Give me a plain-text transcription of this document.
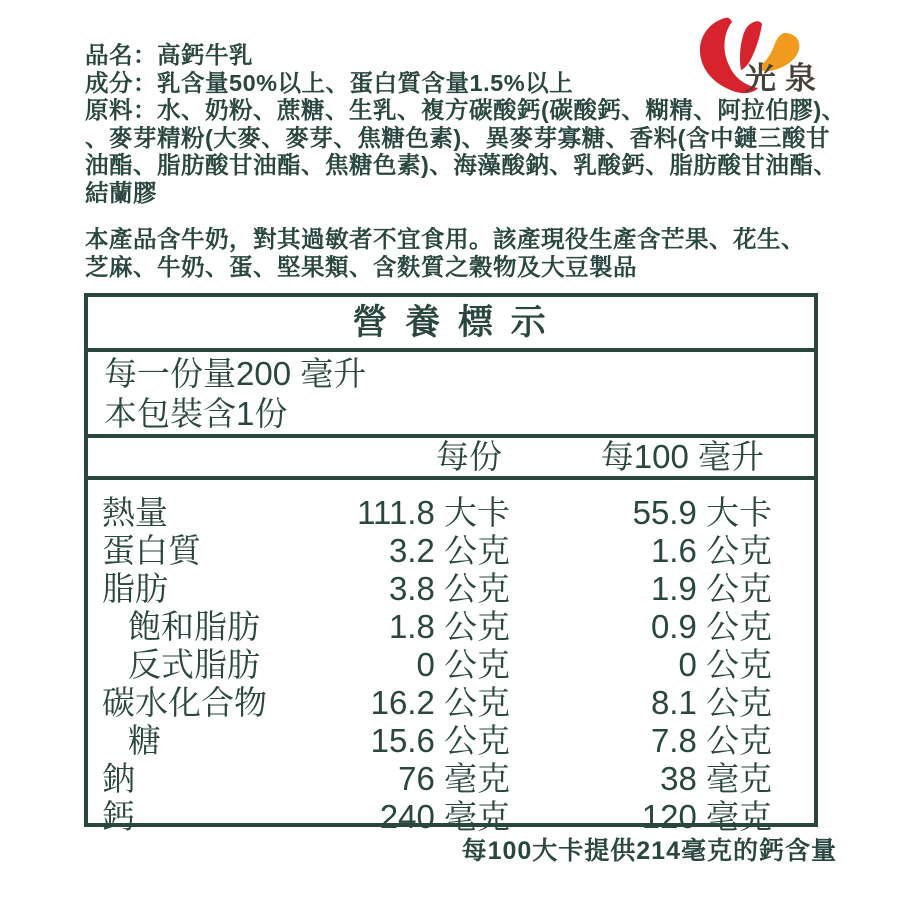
品名：高鈣牛乳
成分：乳含量50%以上、蛋白質含量1.5%以上
原料：水、奶粉、蔗糖、生乳、複方碳酸鈣(碳酸鈣、糊精、阿拉伯膠)、
、麥芽精粉(大麥、麥芽、焦糖色素)、異麥芽寡糖、香料(含中鏈三酸甘
油酯、脂肪酸甘油酯、焦糖色素)、海藻酸鈉、乳酸鈣、脂肪酸甘油酯、
結蘭膠
本產品含牛奶，對其過敏者不宜食用。該產現役生產含芒果、花生、
芝麻、牛奶、蛋、堅果類、含麩質之穀物及大豆製品
光泉
營 養 標 示
每一份量200 毫升
本包裝含1份
每份	每100 毫升
熱量	111.8 大卡	55.9 大卡
蛋白質	3.2 公克	1.6 公克
脂肪	3.8 公克	1.9 公克
飽和脂肪	1.8 公克	0.9 公克
反式脂肪	0 公克	0 公克
碳水化合物	16.2 公克	8.1 公克
糖	15.6 公克	7.8 公克
鈉	76 毫克	38 毫克
鈣	240 毫克	120 毫克
每100大卡提供214毫克的鈣含量
